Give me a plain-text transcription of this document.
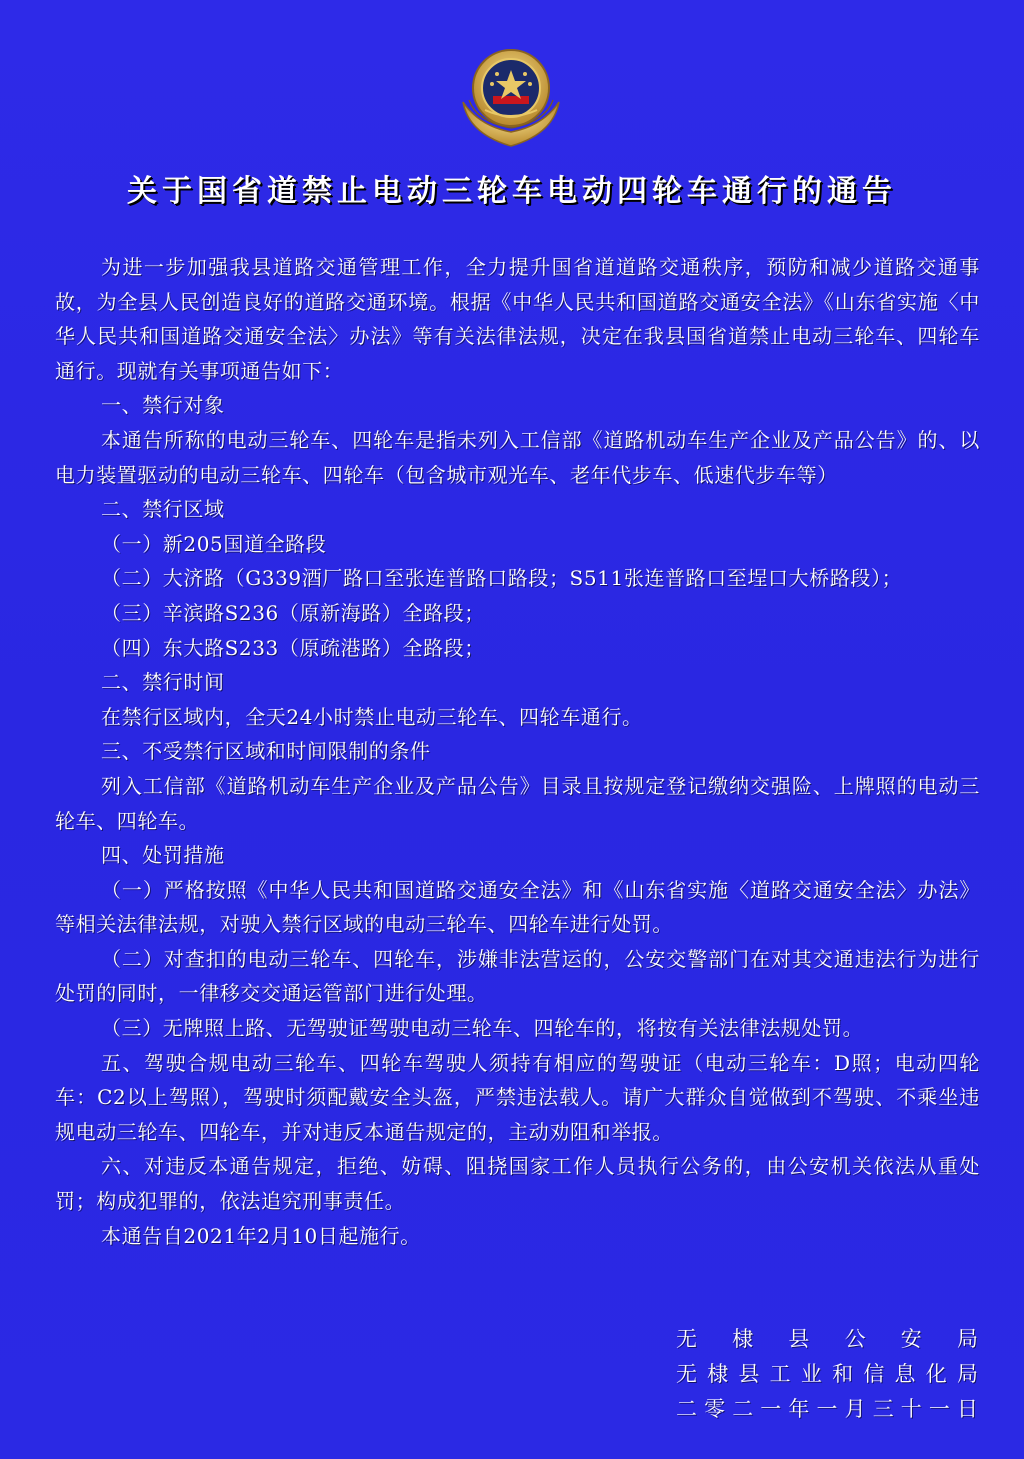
关于国省道禁止电动三轮车电动四轮车通行的通告

为进一步加强我县道路交通管理工作，全力提升国省道道路交通秩序，预防和减少道路交通事故，为全县人民创造良好的道路交通环境。根据《中华人民共和国道路交通安全法》《山东省实施〈中华人民共和国道路交通安全法〉办法》等有关法律法规，决定在我县国省道禁止电动三轮车、四轮车通行。现就有关事项通告如下：

一、禁行对象

本通告所称的电动三轮车、四轮车是指未列入工信部《道路机动车生产企业及产品公告》的、以电力装置驱动的电动三轮车、四轮车（包含城市观光车、老年代步车、低速代步车等）

二、禁行区域

（一）新205国道全路段

（二）大济路（G339酒厂路口至张连普路口路段；S511张连普路口至埕口大桥路段）；

（三）辛滨路S236（原新海路）全路段；

（四）东大路S233（原疏港路）全路段；

二、禁行时间

在禁行区域内，全天24小时禁止电动三轮车、四轮车通行。

三、不受禁行区域和时间限制的条件

列入工信部《道路机动车生产企业及产品公告》目录且按规定登记缴纳交强险、上牌照的电动三轮车、四轮车。

四、处罚措施

（一）严格按照《中华人民共和国道路交通安全法》和《山东省实施〈道路交通安全法〉办法》等相关法律法规，对驶入禁行区域的电动三轮车、四轮车进行处罚。

（二）对查扣的电动三轮车、四轮车，涉嫌非法营运的，公安交警部门在对其交通违法行为进行处罚的同时，一律移交交通运管部门进行处理。

（三）无牌照上路、无驾驶证驾驶电动三轮车、四轮车的，将按有关法律法规处罚。

五、驾驶合规电动三轮车、四轮车驾驶人须持有相应的驾驶证（电动三轮车：D照；电动四轮车：C2以上驾照），驾驶时须配戴安全头盔，严禁违法载人。请广大群众自觉做到不驾驶、不乘坐违规电动三轮车、四轮车，并对违反本通告规定的，主动劝阻和举报。

六、对违反本通告规定，拒绝、妨碍、阻挠国家工作人员执行公务的，由公安机关依法从重处罚；构成犯罪的，依法追究刑事责任。

本通告自2021年2月10日起施行。

无棣县公安局

无棣县工业和信息化局

二零二一年一月三十一日
